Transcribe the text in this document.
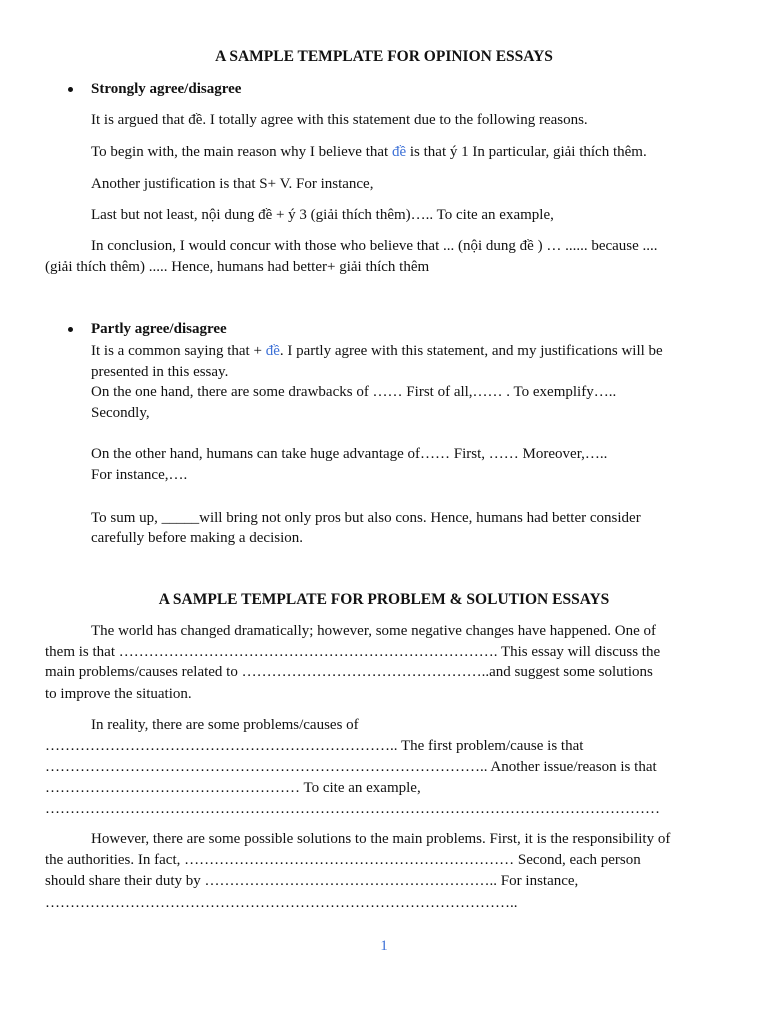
A SAMPLE TEMPLATE FOR OPINION ESSAYS
Strongly agree/disagree
It is argued that đề. I totally agree with this statement due to the following reasons.
To begin with, the main reason why I believe that đề is that ý 1 In particular, giải thích thêm.
Another justification is that S+ V. For instance,
Last but not least, nội dung đề + ý 3 (giải thích thêm)….. To cite an example,
In conclusion, I would concur with those who believe that ... (nội dung đề ) … ...... because ....
(giải thích thêm) ..... Hence, humans had better+ giải thích thêm
Partly agree/disagree
It is a common saying that + đề. I partly agree with this statement, and my justifications will be
presented in this essay.
On the one hand, there are some drawbacks of …… First of all,…… . To exemplify…..
Secondly,
On the other hand, humans can take huge advantage of…… First, …… Moreover,…..
For instance,….
To sum up, _____will bring not only pros but also cons. Hence, humans had better consider
carefully before making a decision.
A SAMPLE TEMPLATE FOR PROBLEM & SOLUTION ESSAYS
The world has changed dramatically; however, some negative changes have happened. One of
them is that …………………………………………………………………. This essay will discuss the
main problems/causes related to …………………………………………..and suggest some solutions
to improve the situation.
In reality, there are some problems/causes of
…………………………………………………………….. The first problem/cause is that
…………………………………………………………………………….. Another issue/reason is that
…………………………………………… To cite an example,
……………………………………………………………………………………………………………
However, there are some possible solutions to the main problems. First, it is the responsibility of
the authorities. In fact, ………………………………………………………… Second, each person
should share their duty by ………………………………………………….. For instance,
…………………………………………………………………………………..
1
